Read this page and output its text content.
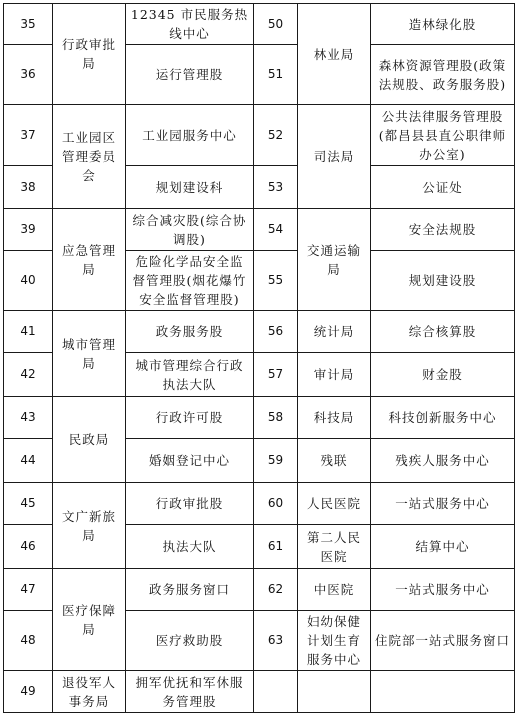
35	行政审批局	12345 市民服务热线中心	50	林业局	造林绿化股
36		运行管理股	51		森林资源管理股(政策法规股、政务服务股)
37	工业园区管理委员会	工业园服务中心	52	司法局	公共法律服务管理股(都昌县县直公职律师办公室)
38		规划建设科	53		公证处
39	应急管理局	综合减灾股(综合协调股)	54	交通运输局	安全法规股
40		危险化学品安全监督管理股(烟花爆竹安全监督管理股)	55		规划建设股
41	城市管理局	政务服务股	56	统计局	综合核算股
42		城市管理综合行政执法大队	57	审计局	财金股
43	民政局	行政许可股	58	科技局	科技创新服务中心
44		婚姻登记中心	59	残联	残疾人服务中心
45	文广新旅局	行政审批股	60	人民医院	一站式服务中心
46		执法大队	61	第二人民医院	结算中心
47	医疗保障局	政务服务窗口	62	中医院	一站式服务中心
48		医疗救助股	63	妇幼保健计划生育服务中心	住院部一站式服务窗口
49	退役军人事务局	拥军优抚和军休服务管理股			
